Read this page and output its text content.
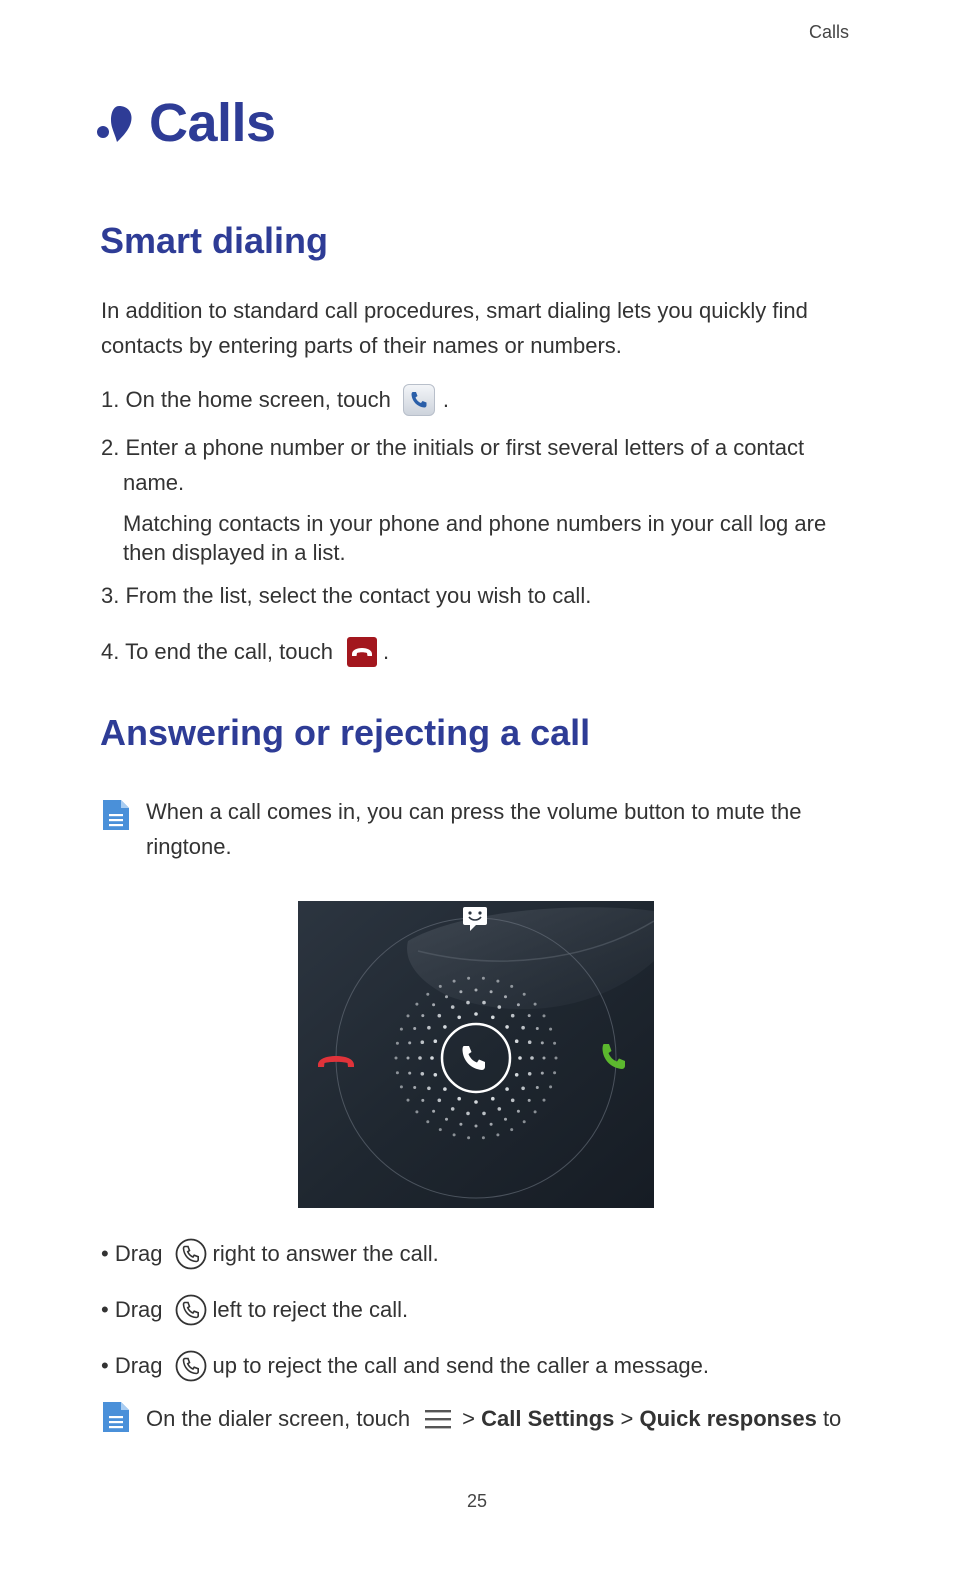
Calls
Calls
Smart dialing
In addition to standard call procedures, smart dialing lets you quickly find contacts by entering parts of their names or numbers.
1. On the home screen, touch .
2. Enter a phone number or the initials or first several letters of a contact
name.
Matching contacts in your phone and phone numbers in your call log are then displayed in a list.
3. From the list, select the contact you wish to call.
4. To end the call, touch .
Answering or rejecting a call
When a call comes in, you can press the volume button to mute the ringtone.
• Drag right to answer the call.
• Drag left to reject the call.
• Drag up to reject the call and send the caller a message.
On the dialer screen, touch >
Call Settings
>
Quick responses
to
25
